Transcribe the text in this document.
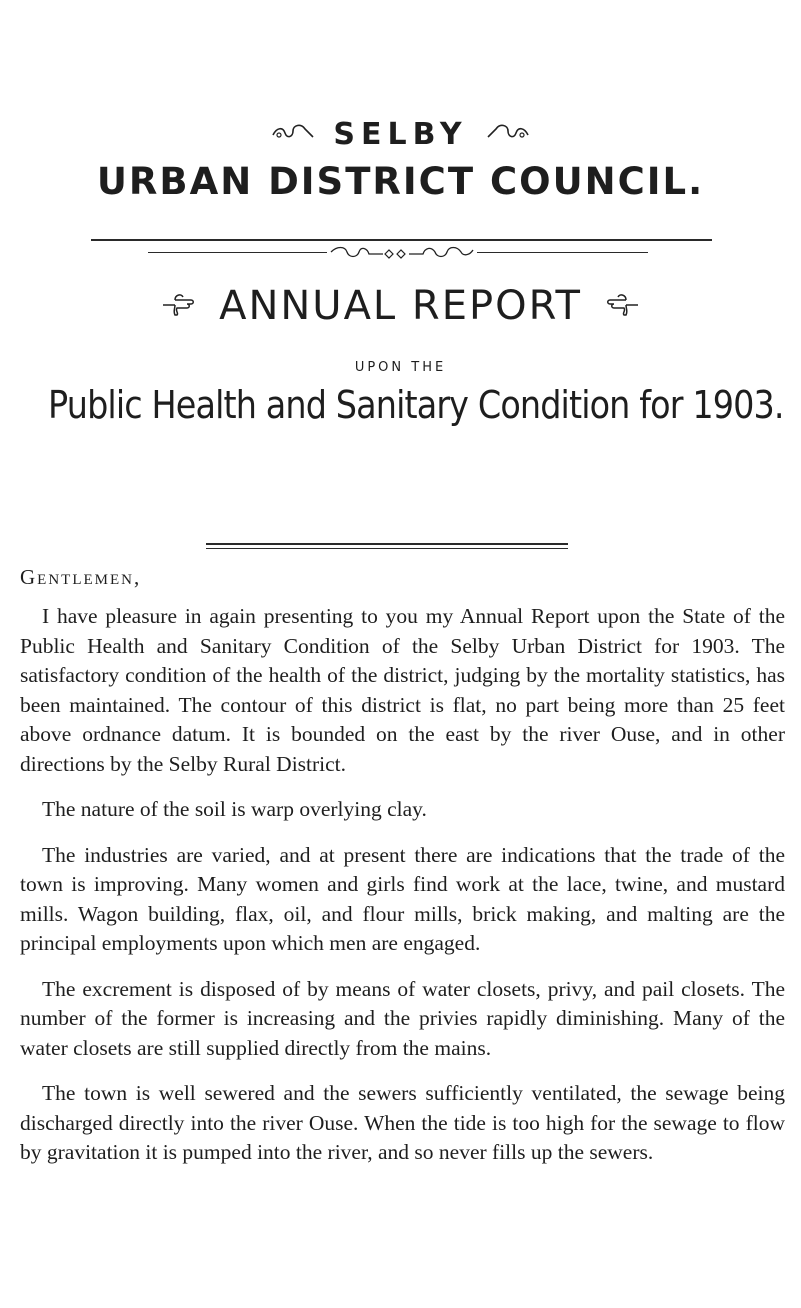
SELBY
URBAN DISTRICT COUNCIL.
ANNUAL REPORT
UPON THE
Public Health and Sanitary Condition for 1903.
Gentlemen,

I have pleasure in again presenting to you my Annual Report upon the State of the Public Health and Sanitary Condition of the Selby Urban District for 1903. The satisfactory condition of the health of the district, judging by the mortality statistics, has been maintained. The contour of this district is flat, no part being more than 25 feet above ordnance datum. It is bounded on the east by the river Ouse, and in other directions by the Selby Rural District.

The nature of the soil is warp overlying clay.

The industries are varied, and at present there are indications that the trade of the town is improving. Many women and girls find work at the lace, twine, and mustard mills. Wagon building, flax, oil, and flour mills, brick making, and malting are the principal employments upon which men are engaged.

The excrement is disposed of by means of water closets, privy, and pail closets. The number of the former is increasing and the privies rapidly diminishing. Many of the water closets are still supplied directly from the mains.

The town is well sewered and the sewers sufficiently ventilated, the sewage being discharged directly into the river Ouse. When the tide is too high for the sewage to flow by gravitation it is pumped into the river, and so never fills up the sewers.
